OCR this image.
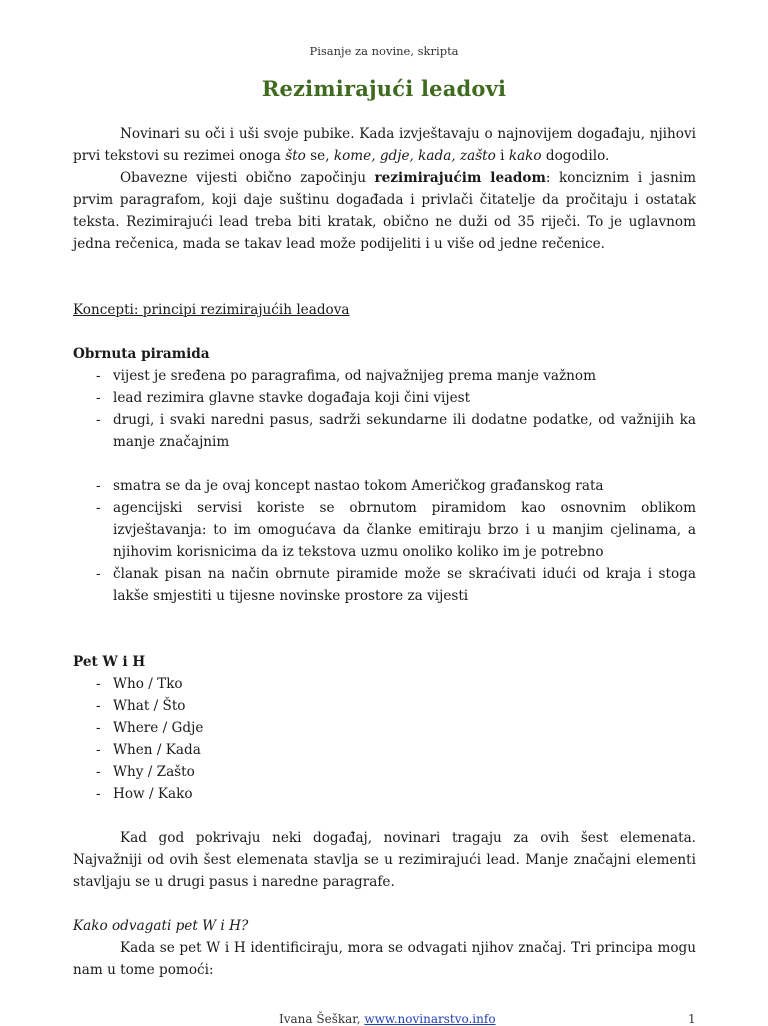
Pisanje za novine, skripta
Rezimirajući leadovi

Novinari su oči i uši svoje pubike. Kada izvještavaju o najnovijem događaju, njihovi prvi tekstovi su rezimei onoga što se, kome, gdje, kada, zašto i kako dogodilo.

Obavezne vijesti obično započinju rezimirajućim leadom: konciznim i jasnim prvim paragrafom, koji daje suštinu događada i privlači čitatelje da pročitaju i ostatak teksta. Rezimirajući lead treba biti kratak, obično ne duži od 35 riječi. To je uglavnom jedna rečenica, mada se takav lead može podijeliti i u više od jedne rečenice.

Koncepti: principi rezimirajućih leadova

Obrnuta piramida

- vijest je sređena po paragrafima, od najvažnijeg prema manje važnom
- lead rezimira glavne stavke događaja koji čini vijest
- drugi, i svaki naredni pasus, sadrži sekundarne ili dodatne podatke, od važnijih ka manje značajnim
- smatra se da je ovaj koncept nastao tokom Američkog građanskog rata
- agencijski servisi koriste se obrnutom piramidom kao osnovnim oblikom izvještavanja: to im omogućava da članke emitiraju brzo i u manjim cjelinama, a njihovim korisnicima da iz tekstova uzmu onoliko koliko im je potrebno
- članak pisan na način obrnute piramide može se skraćivati idući od kraja i stoga lakše smjestiti u tijesne novinske prostore za vijesti

Pet W i H

- Who / Tko
- What / Što
- Where / Gdje
- When / Kada
- Why / Zašto
- How / Kako

Kad god pokrivaju neki događaj, novinari tragaju za ovih šest elemenata. Najvažniji od ovih šest elemenata stavlja se u rezimirajući lead. Manje značajni elementi stavljaju se u drugi pasus i naredne paragrafe.

Kako odvagati pet W i H?

Kada se pet W i H identificiraju, mora se odvagati njihov značaj. Tri principa mogu nam u tome pomoći:

Ivana Šeškar, www.novinarstvo.info	1
